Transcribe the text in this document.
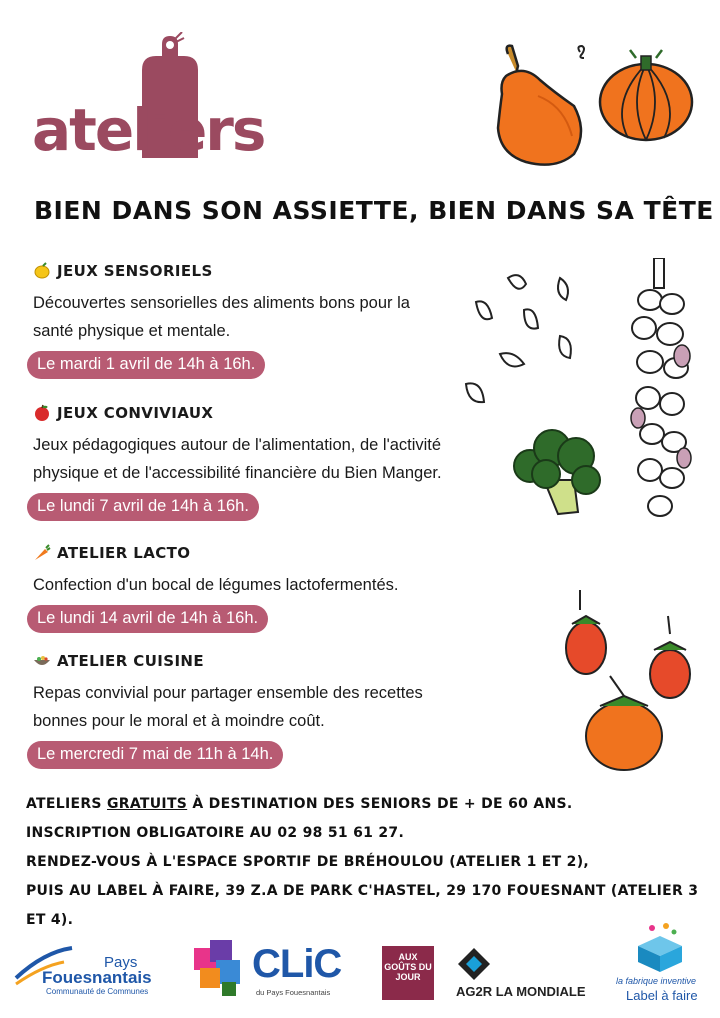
ateliers
BIEN DANS SON ASSIETTE, BIEN DANS SA TÊTE
JEUX SENSORIELS
Découvertes sensorielles des aliments bons pour la
santé physique et mentale.
Le mardi 1 avril de 14h à 16h.
JEUX CONVIVIAUX
Jeux pédagogiques autour de l'alimentation, de l'activité
physique et de l'accessibilité financière du Bien Manger.
Le lundi 7 avril de 14h à 16h.
ATELIER LACTO
Confection d'un bocal de légumes lactofermentés.
Le lundi 14 avril de 14h à 16h.
ATELIER CUISINE
Repas convivial pour partager ensemble des recettes
bonnes pour le moral et à moindre coût.
Le mercredi 7 mai de 11h à 14h.
ATELIERS GRATUITS À DESTINATION DES SENIORS DE + DE 60 ANS.
INSCRIPTION OBLIGATOIRE AU 02 98 51 61 27.
RENDEZ-VOUS À L'ESPACE SPORTIF DE BRÉHOULOU (ATELIER 1 ET 2),
PUIS AU LABEL À FAIRE, 39 Z.A DE PARK C'HASTEL, 29 170 FOUESNANT (ATELIER 3 ET 4).
Pays
Fouesnantais
Communauté de Communes
CLiC
du Pays Fouesnantais
AUX GOÛTS DU JOUR
AG2R LA MONDIALE
la fabrique inventive
Label à faire
